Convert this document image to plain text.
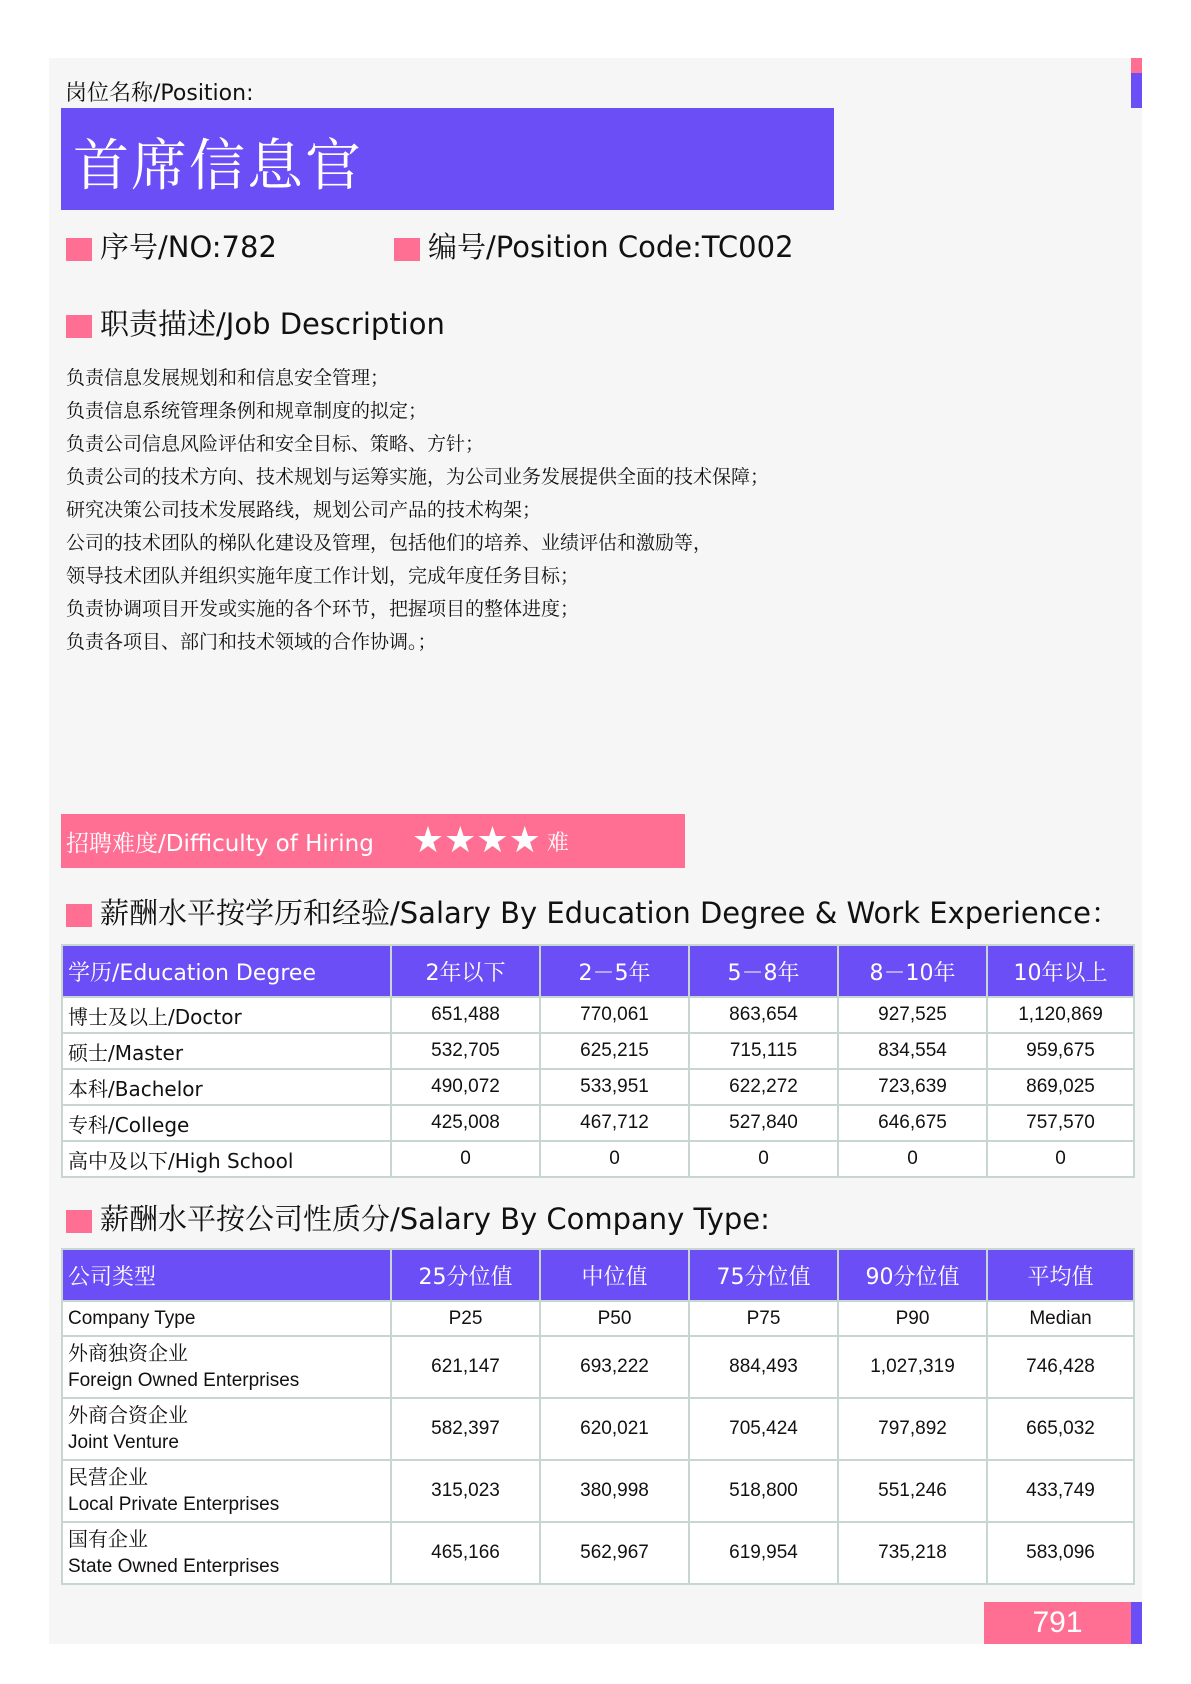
岗位名称/Position:
首席信息官
序号/NO:782	编号/Position Code:TC002
职责描述/Job Description
负责信息发展规划和和信息安全管理；
负责信息系统管理条例和规章制度的拟定；
负责公司信息风险评估和安全目标、策略、方针；
负责公司的技术方向、技术规划与运筹实施，为公司业务发展提供全面的技术保障；
研究决策公司技术发展路线，规划公司产品的技术构架；
公司的技术团队的梯队化建设及管理，包括他们的培养、业绩评估和激励等，
领导技术团队并组织实施年度工作计划，完成年度任务目标；
负责协调项目开发或实施的各个环节，把握项目的整体进度；
负责各项目、部门和技术领域的合作协调。；
招聘难度/Difficulty of Hiring ★★★★ 难
薪酬水平按学历和经验/Salary By Education Degree & Work Experience：
学历/Education Degree	2年以下	2－5年	5－8年	8－10年	10年以上
博士及以上/Doctor	651,488	770,061	863,654	927,525	1,120,869
硕士/Master	532,705	625,215	715,115	834,554	959,675
本科/Bachelor	490,072	533,951	622,272	723,639	869,025
专科/College	425,008	467,712	527,840	646,675	757,570
高中及以下/High School	0	0	0	0	0
薪酬水平按公司性质分/Salary By Company Type:
公司类型	25分位值	中位值	75分位值	90分位值	平均值
Company Type	P25	P50	P75	P90	Median

外商独资企业
Foreign Owned Enterprises	621,147	693,222	884,493	1,027,319	746,428

外商合资企业
Joint Venture	582,397	620,021	705,424	797,892	665,032

民营企业
Local Private Enterprises	315,023	380,998	518,800	551,246	433,749

国有企业
State Owned Enterprises	465,166	562,967	619,954	735,218	583,096
791
